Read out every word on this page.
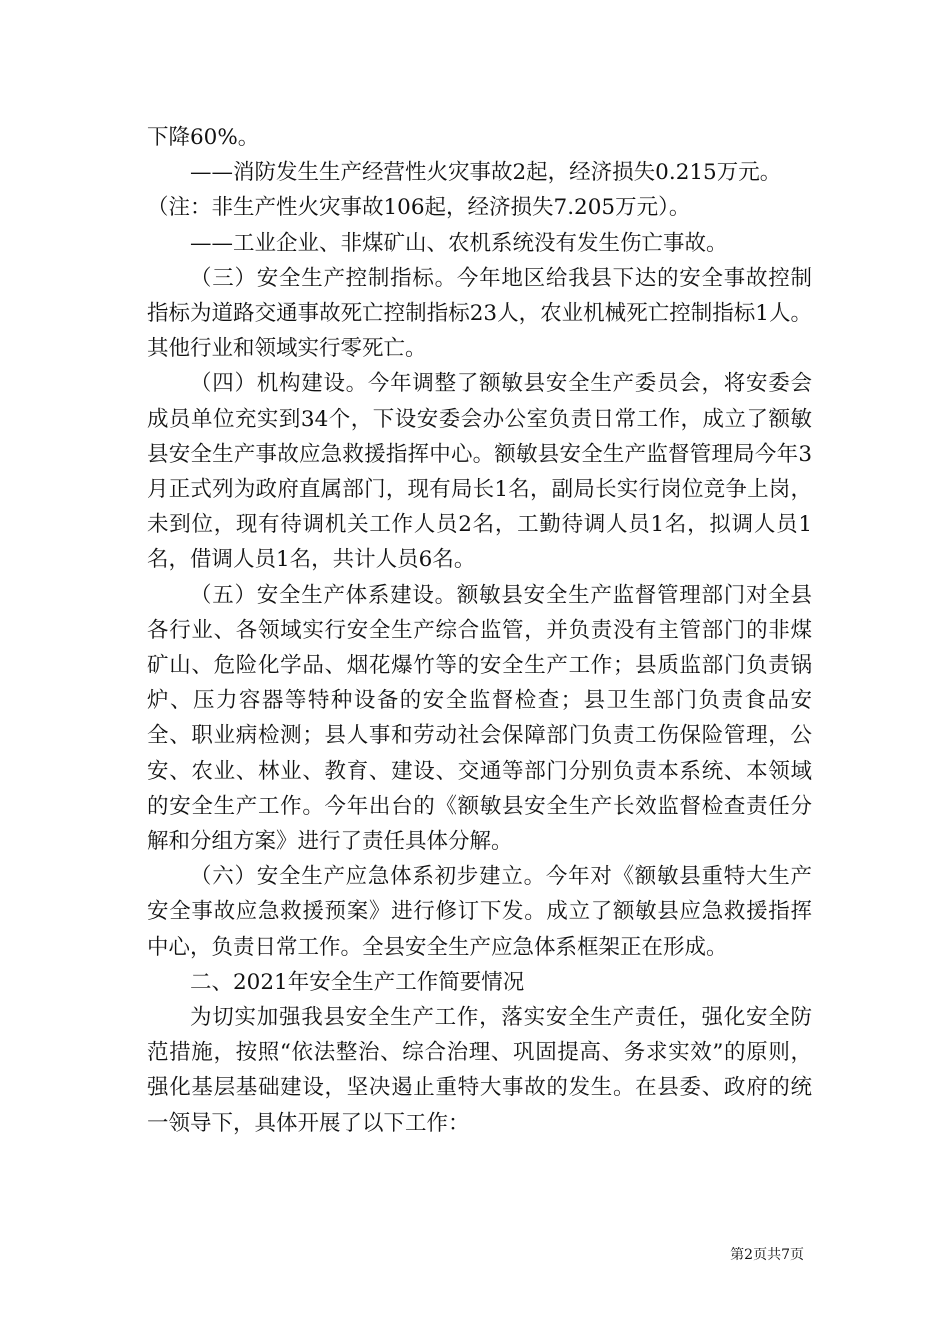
下降60%。

——消防发生生产经营性火灾事故2起，经济损失0.215万元。

（注：非生产性火灾事故106起，经济损失7.205万元）。

——工业企业、非煤矿山、农机系统没有发生伤亡事故。

（三）安全生产控制指标。今年地区给我县下达的安全事故控制指标为道路交通事故死亡控制指标23人，农业机械死亡控制指标1人。其他行业和领域实行零死亡。

（四）机构建设。今年调整了额敏县安全生产委员会，将安委会成员单位充实到34个，下设安委会办公室负责日常工作，成立了额敏县安全生产事故应急救援指挥中心。额敏县安全生产监督管理局今年3月正式列为政府直属部门，现有局长1名，副局长实行岗位竞争上岗，未到位，现有待调机关工作人员2名，工勤待调人员1名，拟调人员1名，借调人员1名，共计人员6名。

（五）安全生产体系建设。额敏县安全生产监督管理部门对全县各行业、各领域实行安全生产综合监管，并负责没有主管部门的非煤矿山、危险化学品、烟花爆竹等的安全生产工作；县质监部门负责锅炉、压力容器等特种设备的安全监督检查；县卫生部门负责食品安全、职业病检测；县人事和劳动社会保障部门负责工伤保险管理，公安、农业、林业、教育、建设、交通等部门分别负责本系统、本领域的安全生产工作。今年出台的《额敏县安全生产长效监督检查责任分解和分组方案》进行了责任具体分解。

（六）安全生产应急体系初步建立。今年对《额敏县重特大生产安全事故应急救援预案》进行修订下发。成立了额敏县应急救援指挥中心，负责日常工作。全县安全生产应急体系框架正在形成。

二、2021年安全生产工作简要情况

为切实加强我县安全生产工作，落实安全生产责任，强化安全防范措施，按照“依法整治、综合治理、巩固提高、务求实效”的原则，强化基层基础建设，坚决遏止重特大事故的发生。在县委、政府的统一领导下，具体开展了以下工作：

第2页共7页
